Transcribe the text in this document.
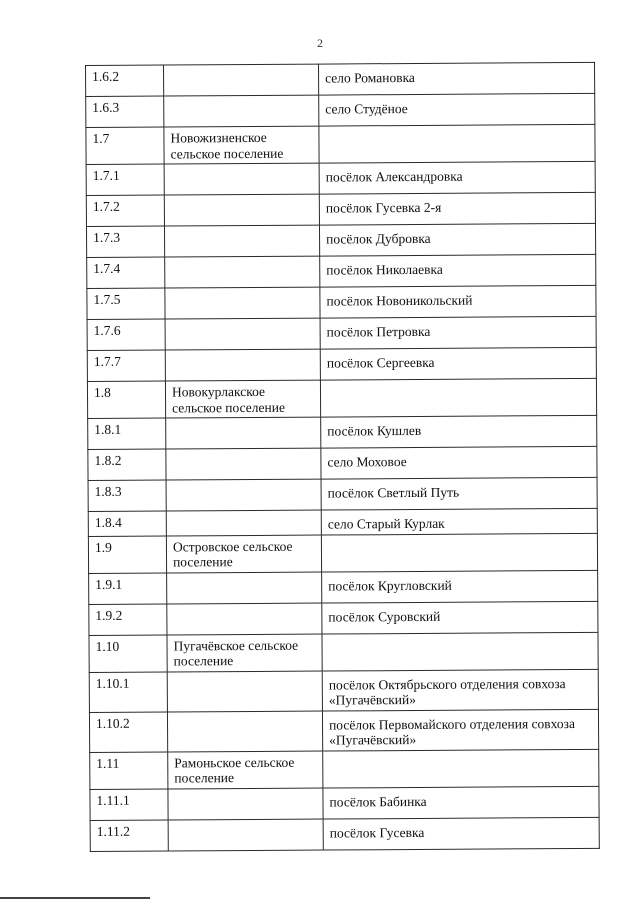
2
1.6.2		село Романовка

1.6.3		село Студёное

1.7	Новожизненское сельское поселение	

1.7.1		посёлок Александровка

1.7.2		посёлок Гусевка 2-я

1.7.3		посёлок Дубровка

1.7.4		посёлок Николаевка

1.7.5		посёлок Новоникольский

1.7.6		посёлок Петровка

1.7.7		посёлок Сергеевка

1.8	Новокурлакское сельское поселение	

1.8.1		посёлок Кушлев

1.8.2		село Моховое

1.8.3		посёлок Светлый Путь

1.8.4		село Старый Курлак

1.9	Островское сельское поселение	

1.9.1		посёлок Кругловский

1.9.2		посёлок Суровский

1.10	Пугачёвское сельское поселение	

1.10.1		посёлок Октябрьского отделения совхоза «Пугачёвский»

1.10.2		посёлок Первомайского отделения совхоза «Пугачёвский»

1.11	Рамоньское сельское поселение	

1.11.1		посёлок Бабинка

1.11.2		посёлок Гусевка
